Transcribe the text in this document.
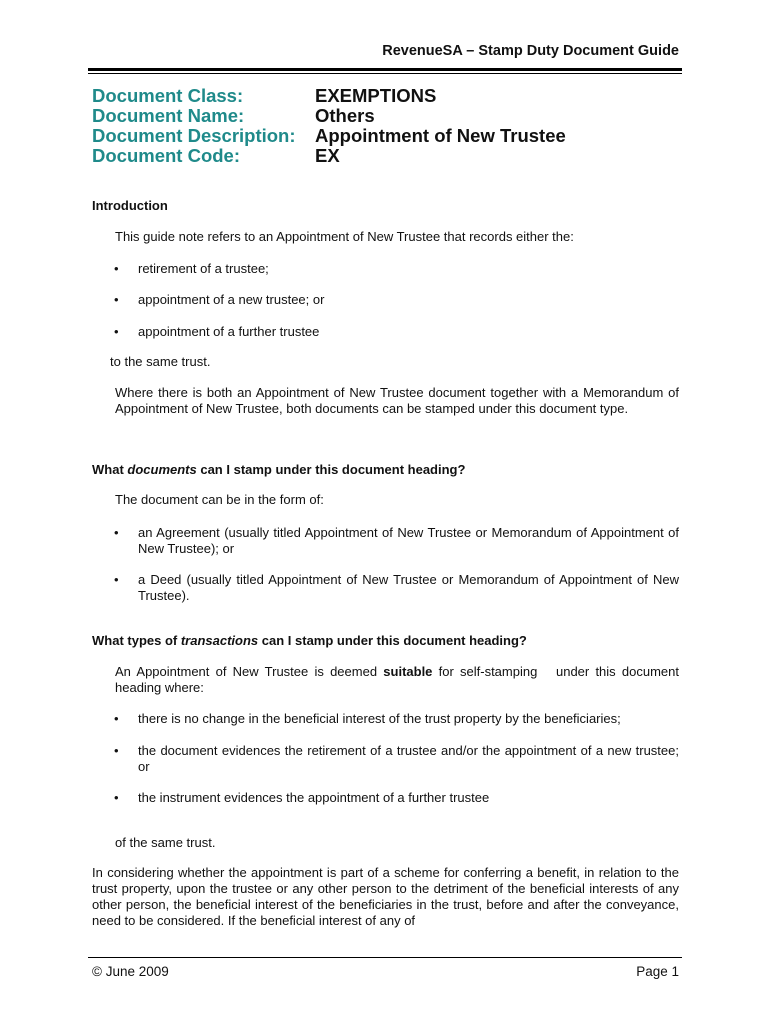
RevenueSA – Stamp Duty Document Guide
Document Class:	EXEMPTIONS
Document Name:	Others
Document Description:	Appointment of New Trustee
Document Code:	EX
Introduction
This guide note refers to an Appointment of New Trustee that records either the:
• retirement of a trustee;
• appointment of a new trustee; or
• appointment of a further trustee
to the same trust.
Where there is both an Appointment of New Trustee document together with a Memorandum of Appointment of New Trustee, both documents can be stamped under this document type.
What documents can I stamp under this document heading?
The document can be in the form of:
• an Agreement (usually titled Appointment of New Trustee or Memorandum of Appointment of New Trustee); or
• a Deed (usually titled Appointment of New Trustee or Memorandum of Appointment of New Trustee).
What types of transactions can I stamp under this document heading?
An Appointment of New Trustee is deemed suitable for self-stamping   under this document heading where:
• there is no change in the beneficial interest of the trust property by the beneficiaries;
• the document evidences the retirement of a trustee and/or the appointment of a new trustee; or
• the instrument evidences the appointment of a further trustee
of the same trust.
In considering whether the appointment is part of a scheme for conferring a benefit, in relation to the trust property, upon the trustee or any other person to the detriment of the beneficial interests of any other person, the beneficial interest of the beneficiaries in the trust, before and after the conveyance, need to be considered. If the beneficial interest of any of
© June 2009	Page 1
